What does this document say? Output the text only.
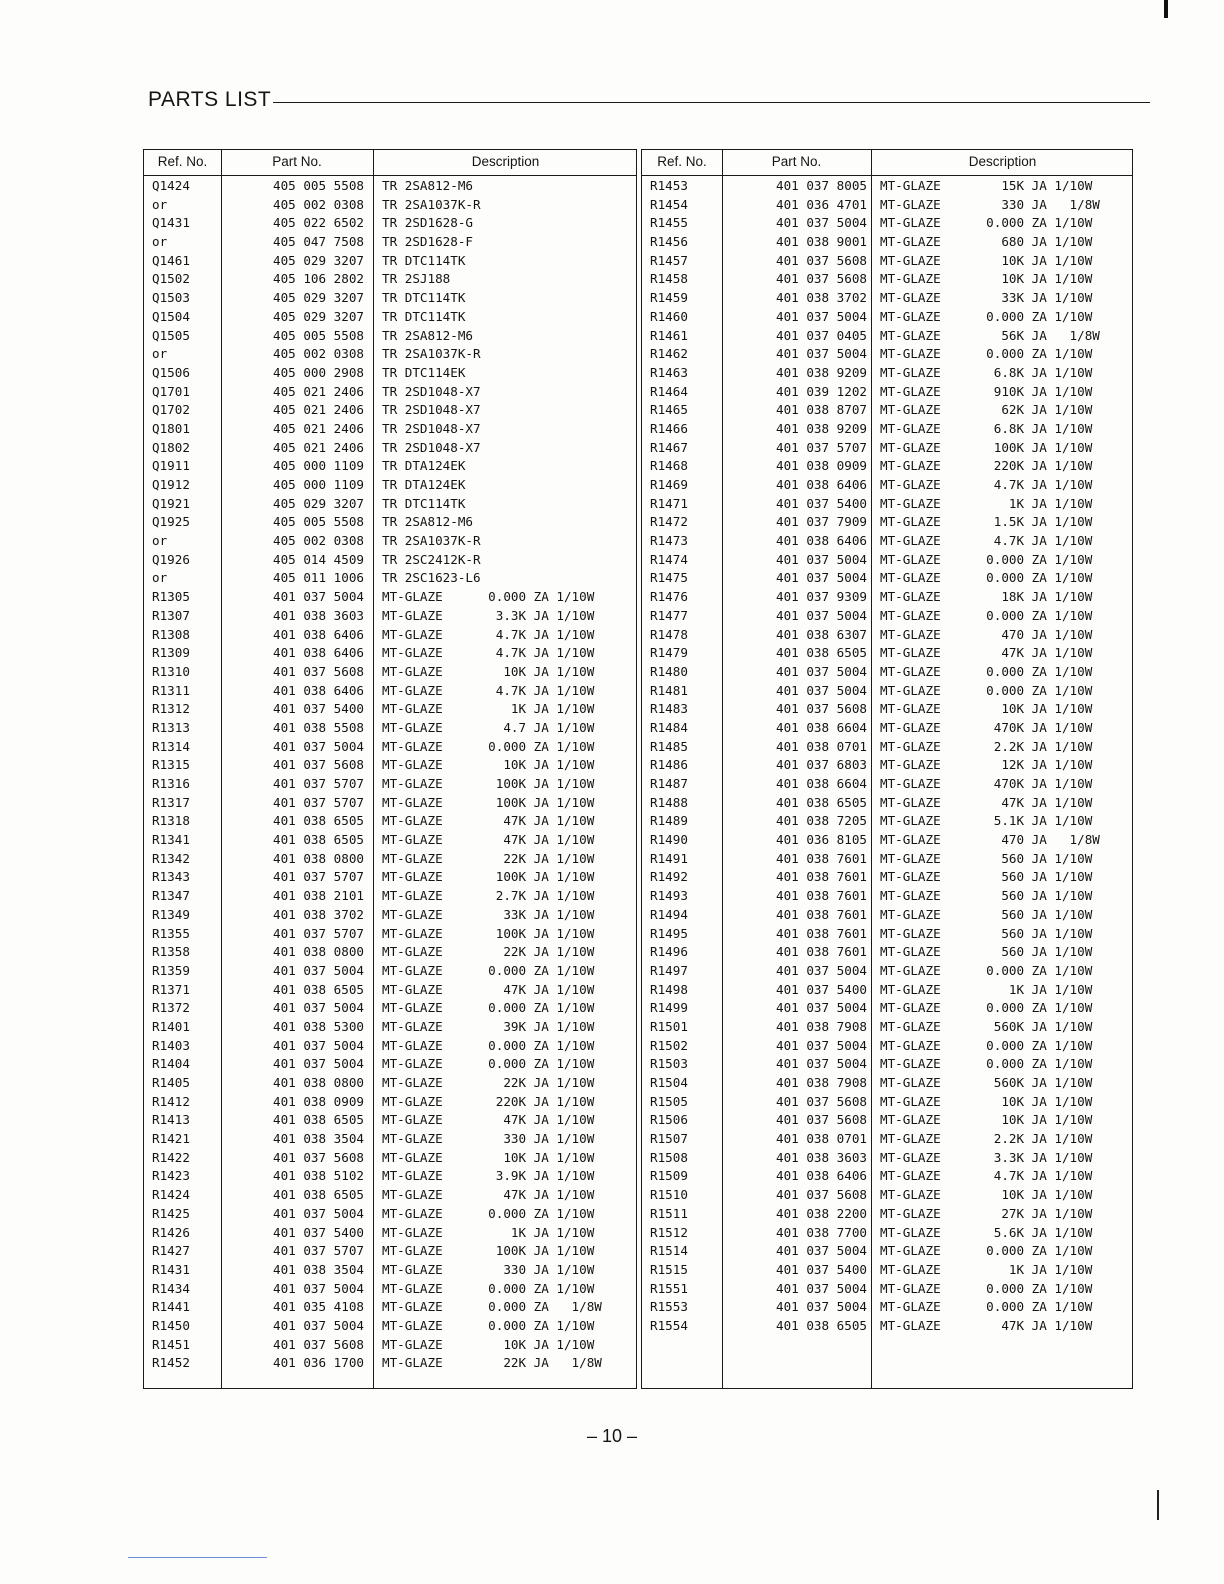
PARTS LIST
Ref. No.	Part No.	Description
Q1424	405 005 5508 TR 2SA812-M6
or	405 002 0308 TR 2SA1037K-R
Q1431	405 022 6502 TR 2SD1628-G
or	405 047 7508 TR 2SD1628-F
Q1461	405 029 3207 TR DTC114TK
Q1502	405 106 2802 TR 2SJ188
Q1503	405 029 3207 TR DTC114TK
Q1504	405 029 3207 TR DTC114TK
Q1505	405 005 5508 TR 2SA812-M6
or	405 002 0308 TR 2SA1037K-R
Q1506	405 000 2908 TR DTC114EK
Q1701	405 021 2406 TR 2SD1048-X7
Q1702	405 021 2406 TR 2SD1048-X7
Q1801	405 021 2406 TR 2SD1048-X7
Q1802	405 021 2406 TR 2SD1048-X7
Q1911	405 000 1109 TR DTA124EK
Q1912	405 000 1109 TR DTA124EK
Q1921	405 029 3207 TR DTC114TK
Q1925	405 005 5508 TR 2SA812-M6
or	405 002 0308 TR 2SA1037K-R
Q1926	405 014 4509 TR 2SC2412K-R
or	405 011 1006 TR 2SC1623-L6
R1305	401 037 5004 MT-GLAZE      0.000 ZA 1/10W
R1307	401 038 3603 MT-GLAZE       3.3K JA 1/10W
R1308	401 038 6406 MT-GLAZE       4.7K JA 1/10W
R1309	401 038 6406 MT-GLAZE       4.7K JA 1/10W
R1310	401 037 5608 MT-GLAZE        10K JA 1/10W
R1311	401 038 6406 MT-GLAZE       4.7K JA 1/10W
R1312	401 037 5400 MT-GLAZE         1K JA 1/10W
R1313	401 038 5508 MT-GLAZE        4.7 JA 1/10W
R1314	401 037 5004 MT-GLAZE      0.000 ZA 1/10W
R1315	401 037 5608 MT-GLAZE        10K JA 1/10W
R1316	401 037 5707 MT-GLAZE       100K JA 1/10W
R1317	401 037 5707 MT-GLAZE       100K JA 1/10W
R1318	401 038 6505 MT-GLAZE        47K JA 1/10W
R1341	401 038 6505 MT-GLAZE        47K JA 1/10W
R1342	401 038 0800 MT-GLAZE        22K JA 1/10W
R1343	401 037 5707 MT-GLAZE       100K JA 1/10W
R1347	401 038 2101 MT-GLAZE       2.7K JA 1/10W
R1349	401 038 3702 MT-GLAZE        33K JA 1/10W
R1355	401 037 5707 MT-GLAZE       100K JA 1/10W
R1358	401 038 0800 MT-GLAZE        22K JA 1/10W
R1359	401 037 5004 MT-GLAZE      0.000 ZA 1/10W
R1371	401 038 6505 MT-GLAZE        47K JA 1/10W
R1372	401 037 5004 MT-GLAZE      0.000 ZA 1/10W
R1401	401 038 5300 MT-GLAZE        39K JA 1/10W
R1403	401 037 5004 MT-GLAZE      0.000 ZA 1/10W
R1404	401 037 5004 MT-GLAZE      0.000 ZA 1/10W
R1405	401 038 0800 MT-GLAZE        22K JA 1/10W
R1412	401 038 0909 MT-GLAZE       220K JA 1/10W
R1413	401 038 6505 MT-GLAZE        47K JA 1/10W
R1421	401 038 3504 MT-GLAZE        330 JA 1/10W
R1422	401 037 5608 MT-GLAZE        10K JA 1/10W
R1423	401 038 5102 MT-GLAZE       3.9K JA 1/10W
R1424	401 038 6505 MT-GLAZE        47K JA 1/10W
R1425	401 037 5004 MT-GLAZE      0.000 ZA 1/10W
R1426	401 037 5400 MT-GLAZE         1K JA 1/10W
R1427	401 037 5707 MT-GLAZE       100K JA 1/10W
R1431	401 038 3504 MT-GLAZE        330 JA 1/10W
R1434	401 037 5004 MT-GLAZE      0.000 ZA 1/10W
R1441	401 035 4108 MT-GLAZE      0.000 ZA   1/8W
R1450	401 037 5004 MT-GLAZE      0.000 ZA 1/10W
R1451	401 037 5608 MT-GLAZE        10K JA 1/10W
R1452	401 036 1700 MT-GLAZE        22K JA   1/8W
Ref. No.	Part No.	Description
R1453	401 037 8005 MT-GLAZE        15K JA 1/10W
R1454	401 036 4701 MT-GLAZE        330 JA   1/8W
R1455	401 037 5004 MT-GLAZE      0.000 ZA 1/10W
R1456	401 038 9001 MT-GLAZE        680 JA 1/10W
R1457	401 037 5608 MT-GLAZE        10K JA 1/10W
R1458	401 037 5608 MT-GLAZE        10K JA 1/10W
R1459	401 038 3702 MT-GLAZE        33K JA 1/10W
R1460	401 037 5004 MT-GLAZE      0.000 ZA 1/10W
R1461	401 037 0405 MT-GLAZE        56K JA   1/8W
R1462	401 037 5004 MT-GLAZE      0.000 ZA 1/10W
R1463	401 038 9209 MT-GLAZE       6.8K JA 1/10W
R1464	401 039 1202 MT-GLAZE       910K JA 1/10W
R1465	401 038 8707 MT-GLAZE        62K JA 1/10W
R1466	401 038 9209 MT-GLAZE       6.8K JA 1/10W
R1467	401 037 5707 MT-GLAZE       100K JA 1/10W
R1468	401 038 0909 MT-GLAZE       220K JA 1/10W
R1469	401 038 6406 MT-GLAZE       4.7K JA 1/10W
R1471	401 037 5400 MT-GLAZE         1K JA 1/10W
R1472	401 037 7909 MT-GLAZE       1.5K JA 1/10W
R1473	401 038 6406 MT-GLAZE       4.7K JA 1/10W
R1474	401 037 5004 MT-GLAZE      0.000 ZA 1/10W
R1475	401 037 5004 MT-GLAZE      0.000 ZA 1/10W
R1476	401 037 9309 MT-GLAZE        18K JA 1/10W
R1477	401 037 5004 MT-GLAZE      0.000 ZA 1/10W
R1478	401 038 6307 MT-GLAZE        470 JA 1/10W
R1479	401 038 6505 MT-GLAZE        47K JA 1/10W
R1480	401 037 5004 MT-GLAZE      0.000 ZA 1/10W
R1481	401 037 5004 MT-GLAZE      0.000 ZA 1/10W
R1483	401 037 5608 MT-GLAZE        10K JA 1/10W
R1484	401 038 6604 MT-GLAZE       470K JA 1/10W
R1485	401 038 0701 MT-GLAZE       2.2K JA 1/10W
R1486	401 037 6803 MT-GLAZE        12K JA 1/10W
R1487	401 038 6604 MT-GLAZE       470K JA 1/10W
R1488	401 038 6505 MT-GLAZE        47K JA 1/10W
R1489	401 038 7205 MT-GLAZE       5.1K JA 1/10W
R1490	401 036 8105 MT-GLAZE        470 JA   1/8W
R1491	401 038 7601 MT-GLAZE        560 JA 1/10W
R1492	401 038 7601 MT-GLAZE        560 JA 1/10W
R1493	401 038 7601 MT-GLAZE        560 JA 1/10W
R1494	401 038 7601 MT-GLAZE        560 JA 1/10W
R1495	401 038 7601 MT-GLAZE        560 JA 1/10W
R1496	401 038 7601 MT-GLAZE        560 JA 1/10W
R1497	401 037 5004 MT-GLAZE      0.000 ZA 1/10W
R1498	401 037 5400 MT-GLAZE         1K JA 1/10W
R1499	401 037 5004 MT-GLAZE      0.000 ZA 1/10W
R1501	401 038 7908 MT-GLAZE       560K JA 1/10W
R1502	401 037 5004 MT-GLAZE      0.000 ZA 1/10W
R1503	401 037 5004 MT-GLAZE      0.000 ZA 1/10W
R1504	401 038 7908 MT-GLAZE       560K JA 1/10W
R1505	401 037 5608 MT-GLAZE        10K JA 1/10W
R1506	401 037 5608 MT-GLAZE        10K JA 1/10W
R1507	401 038 0701 MT-GLAZE       2.2K JA 1/10W
R1508	401 038 3603 MT-GLAZE       3.3K JA 1/10W
R1509	401 038 6406 MT-GLAZE       4.7K JA 1/10W
R1510	401 037 5608 MT-GLAZE        10K JA 1/10W
R1511	401 038 2200 MT-GLAZE        27K JA 1/10W
R1512	401 038 7700 MT-GLAZE       5.6K JA 1/10W
R1514	401 037 5004 MT-GLAZE      0.000 ZA 1/10W
R1515	401 037 5400 MT-GLAZE         1K JA 1/10W
R1551	401 037 5004 MT-GLAZE      0.000 ZA 1/10W
R1553	401 037 5004 MT-GLAZE      0.000 ZA 1/10W
R1554	401 038 6505 MT-GLAZE        47K JA 1/10W
– 10 –
